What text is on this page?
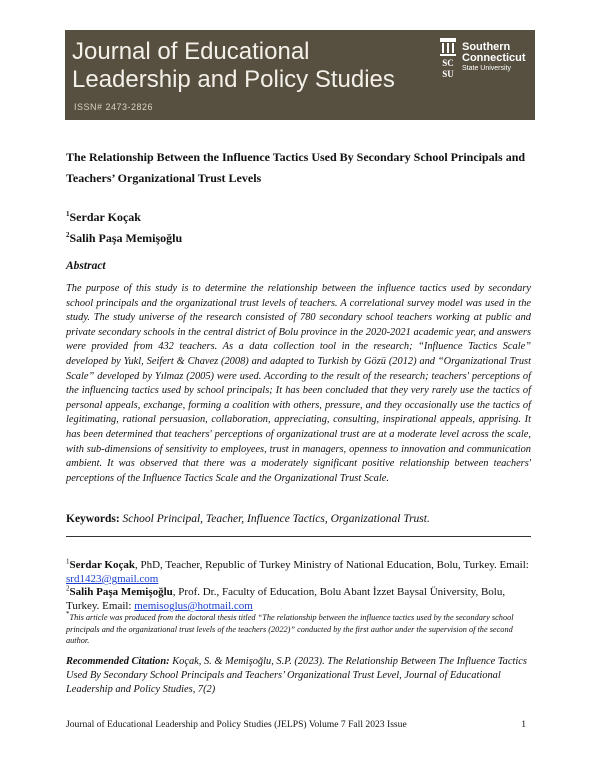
Journal of Educational
Leadership and Policy Studies
ISSN# 2473-2826
SC
SU
Southern
Connecticut
State University
The Relationship Between the Influence Tactics Used By Secondary School Principals and Teachers’ Organizational Trust Levels
$^1$Serdar Koçak
$^2$Salih Paşa Memişoğlu
Abstract
The purpose of this study is to determine the relationship between the influence tactics used by secondary school principals and the organizational trust levels of teachers. A correlational survey model was used in the study. The study universe of the research consisted of 780 secondary school teachers working at public and private secondary schools in the central district of Bolu province in the 2020-2021 academic year, and answers were provided from 432 teachers. As a data collection tool in the research; “Influence Tactics Scale” developed by Yukl, Seifert & Chavez (2008) and adapted to Turkish by Gözü (2012) and “Organizational Trust Scale” developed by Yılmaz (2005) were used. According to the result of the research; teachers' perceptions of the influencing tactics used by school principals; It has been concluded that they very rarely use the tactics of personal appeals, exchange, forming a coalition with others, pressure, and they occasionally use the tactics of legitimating, rational persuasion, collaboration, appreciating, consulting, inspirational appeals, apprising. It has been determined that teachers' perceptions of organizational trust are at a moderate level across the scale, with sub-dimensions of sensitivity to employees, trust in managers, openness to innovation and communication ambient. It was observed that there was a moderately significant positive relationship between teachers' perceptions of the Influence Tactics Scale and the Organizational Trust Scale.
Keywords: School Principal, Teacher, Influence Tactics, Organizational Trust.
$^1$Serdar Koçak, PhD, Teacher, Republic of Turkey Ministry of National Education, Bolu, Turkey. Email: srd1423@gmail.com
$^2$Salih Paşa Memişoğlu, Prof. Dr., Faculty of Education, Bolu Abant İzzet Baysal Üniversity, Bolu, Turkey. Email: memisoglus@hotmail.com
*This article was produced from the doctoral thesis titled “The relationship between the influence tactics used by the secondary school principals and the organizational trust levels of the teachers (2022)” conducted by the first author under the supervision of the second author.
Recommended Citation: Koçak, S. & Memişoğlu, S.P. (2023). The Relationship Between The Influence Tactics Used By Secondary School Principals and Teachers’ Organizational Trust Level, Journal of Educational Leadership and Policy Studies, 7(2)
Journal of Educational Leadership and Policy Studies (JELPS) Volume 7 Fall 2023 Issue	1
